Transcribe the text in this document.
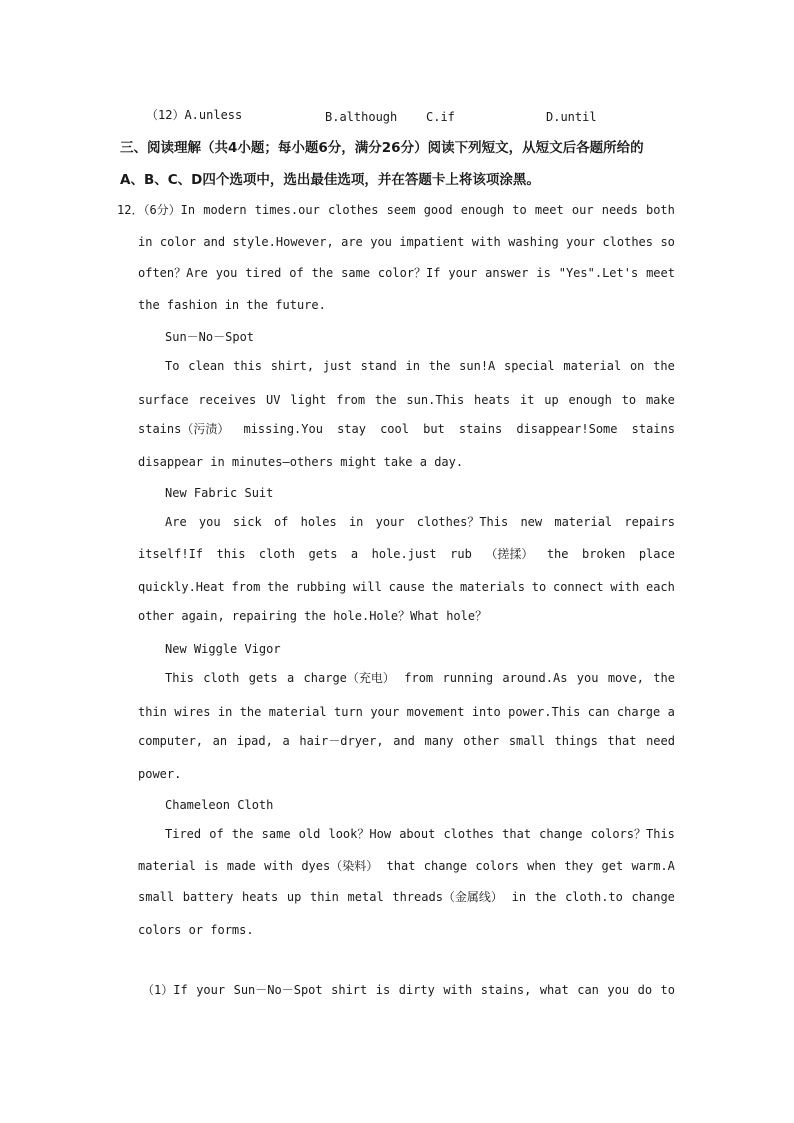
（12）A.unless	B.although C.if	D.until
三、阅读理解（共4小题；每小题6分，满分26分）阅读下列短文，从短文后各题所给的
A、B、C、D四个选项中，选出最佳选项，并在答题卡上将该项涂黑。
12．（6分）In modern times.our clothes seem good enough to meet our needs both
in color and style.However, are you impatient with washing your clothes so
often？Are you tired of the same color？If your answer is "Yes".Let's meet
the fashion in the future.
Sun－No－Spot
To clean this shirt, just stand in the sun!A special material on the
surface receives UV light from the sun.This heats it up enough to make
stains（污渍） missing.You stay cool but stains disappear!Some stains
disappear in minutes—others might take a day.
New Fabric Suit
Are you sick of holes in your clothes？This new material repairs
itself!If this cloth gets a hole.just rub （搓揉） the broken place
quickly.Heat from the rubbing will cause the materials to connect with each
other again, repairing the hole.Hole？What hole？
New Wiggle Vigor
This cloth gets a charge（充电） from running around.As you move, the
thin wires in the material turn your movement into power.This can charge a
computer, an ipad, a hair－dryer, and many other small things that need
power.
Chameleon Cloth
Tired of the same old look？How about clothes that change colors？This
material is made with dyes（染料） that change colors when they get warm.A
small battery heats up thin metal threads（金属线） in the cloth.to change
colors or forms.
（1）If your Sun－No－Spot shirt is dirty with stains, what can you do to
